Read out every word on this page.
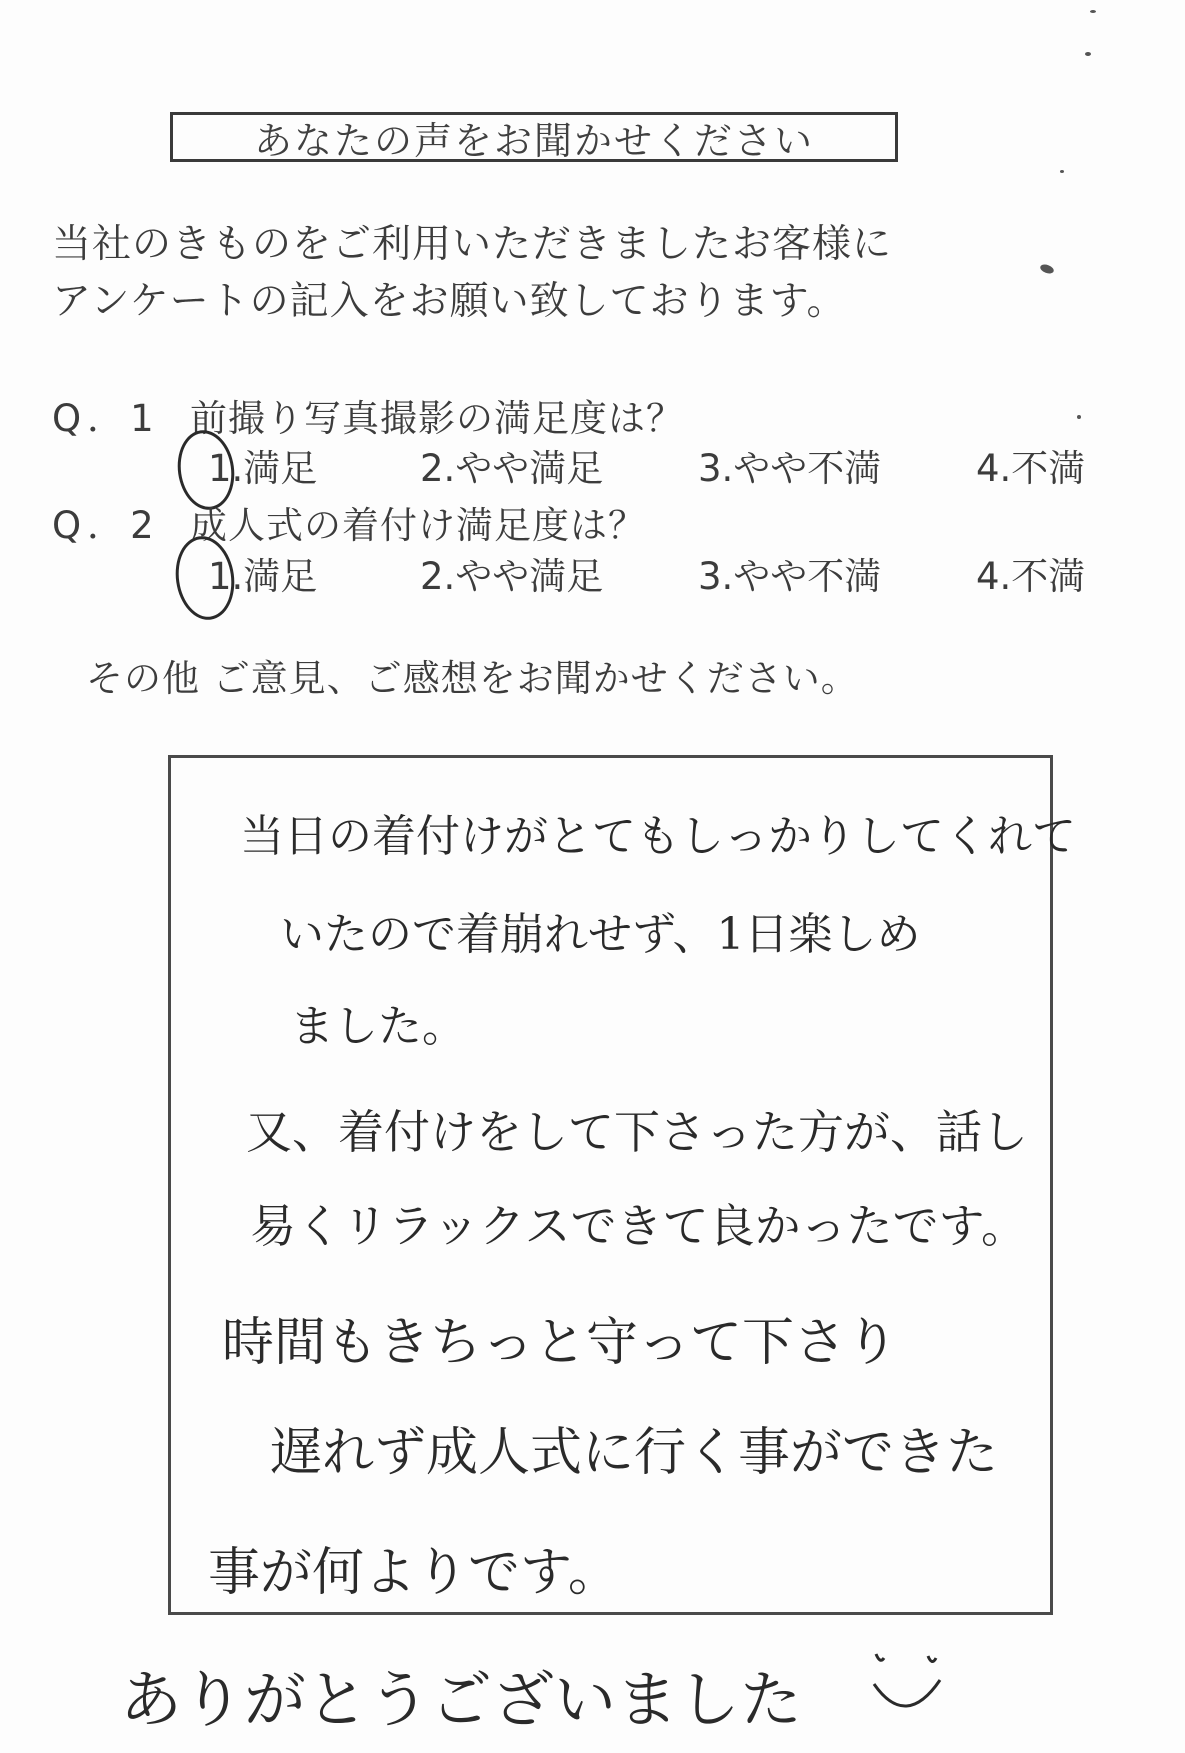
あなたの声をお聞かせください
当社のきものをご利用いただきましたお客様に
アンケートの記入をお願い致しております。
Q．1 前撮り写真撮影の満足度は？
1.満足	2.やや満足	3.やや不満	4.不満
Q．2 成人式の着付け満足度は？
1.満足	2.やや満足	3.やや不満	4.不満
その他 ご意見、ご感想をお聞かせください。
当日の着付けがとてもしっかりしてくれて
いたので着崩れせず、1日楽しめ
ました。
又、着付けをして下さった方が、話し
易くリラックスできて良かったです。
時間もきちっと守って下さり
遅れず成人式に行く事ができた
事が何よりです。
ありがとうございました
